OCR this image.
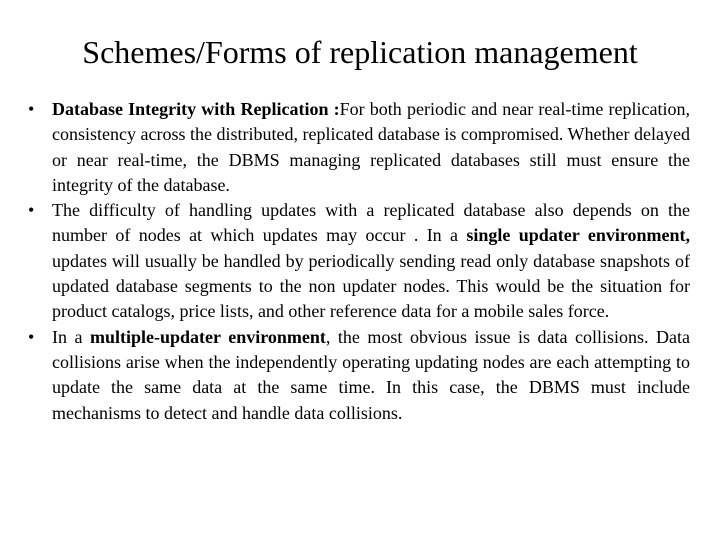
Schemes/Forms of replication management
• Database Integrity with Replication :For both periodic and near real-time replication, consistency across the distributed, replicated database is compromised. Whether delayed or near real-time, the DBMS managing replicated databases still must ensure the integrity of the database.
• The difficulty of handling updates with a replicated database also depends on the number of nodes at which updates may occur . In a single updater environment, updates will usually be handled by periodically sending read only database snapshots of updated database segments to the non updater nodes. This would be the situation for product catalogs, price lists, and other reference data for a mobile sales force.
• In a multiple-updater environment, the most obvious issue is data collisions. Data collisions arise when the independently operating updating nodes are each attempting to update the same data at the same time. In this case, the DBMS must include mechanisms to detect and handle data collisions.
